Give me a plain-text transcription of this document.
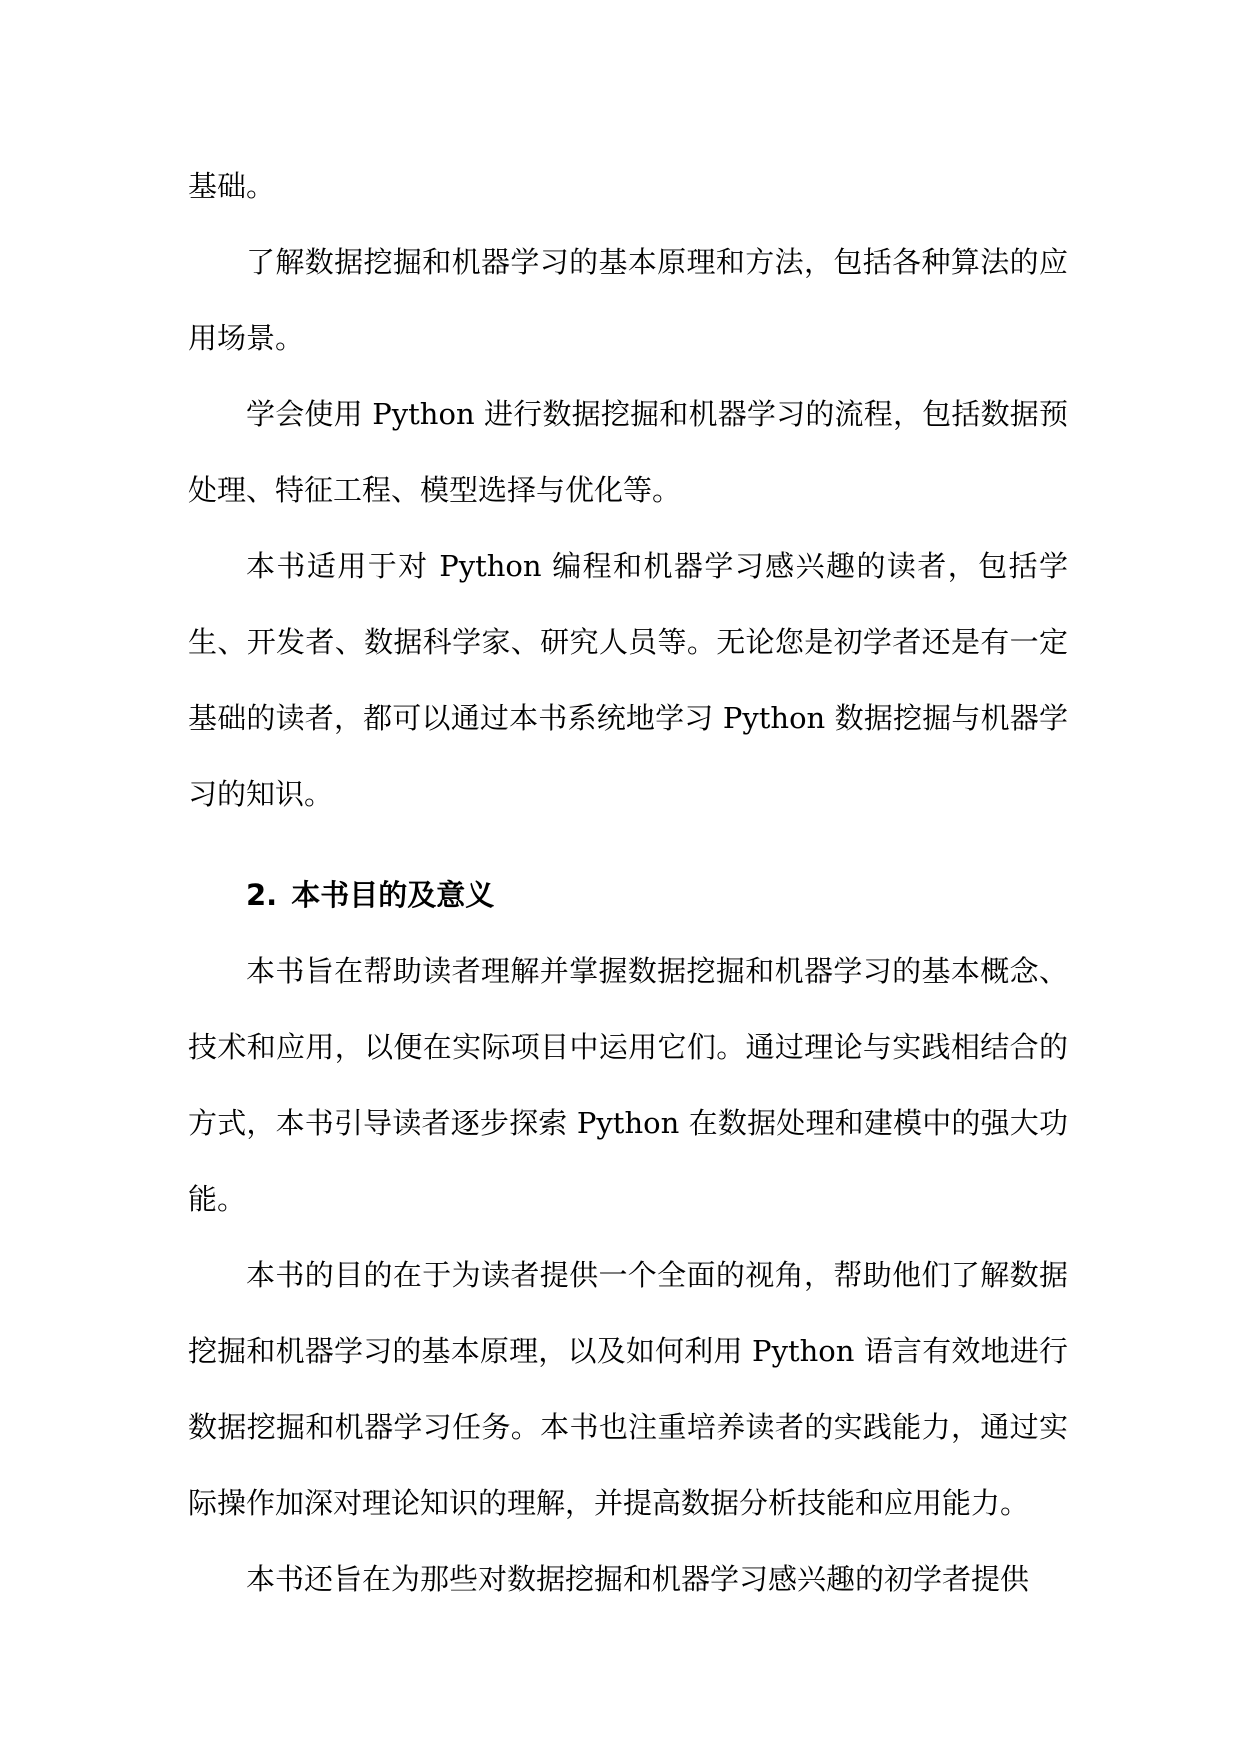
基础。

了解数据挖掘和机器学习的基本原理和方法，包括各种算法的应用场景。

学会使用 Python 进行数据挖掘和机器学习的流程，包括数据预处理、特征工程、模型选择与优化等。

本书适用于对 Python 编程和机器学习感兴趣的读者，包括学生、开发者、数据科学家、研究人员等。无论您是初学者还是有一定基础的读者，都可以通过本书系统地学习 Python 数据挖掘与机器学习的知识。

2. 本书目的及意义

本书旨在帮助读者理解并掌握数据挖掘和机器学习的基本概念、技术和应用，以便在实际项目中运用它们。通过理论与实践相结合的方式，本书引导读者逐步探索 Python 在数据处理和建模中的强大功能。

本书的目的在于为读者提供一个全面的视角，帮助他们了解数据挖掘和机器学习的基本原理，以及如何利用 Python 语言有效地进行数据挖掘和机器学习任务。本书也注重培养读者的实践能力，通过实际操作加深对理论知识的理解，并提高数据分析技能和应用能力。

本书还旨在为那些对数据挖掘和机器学习感兴趣的初学者提供
